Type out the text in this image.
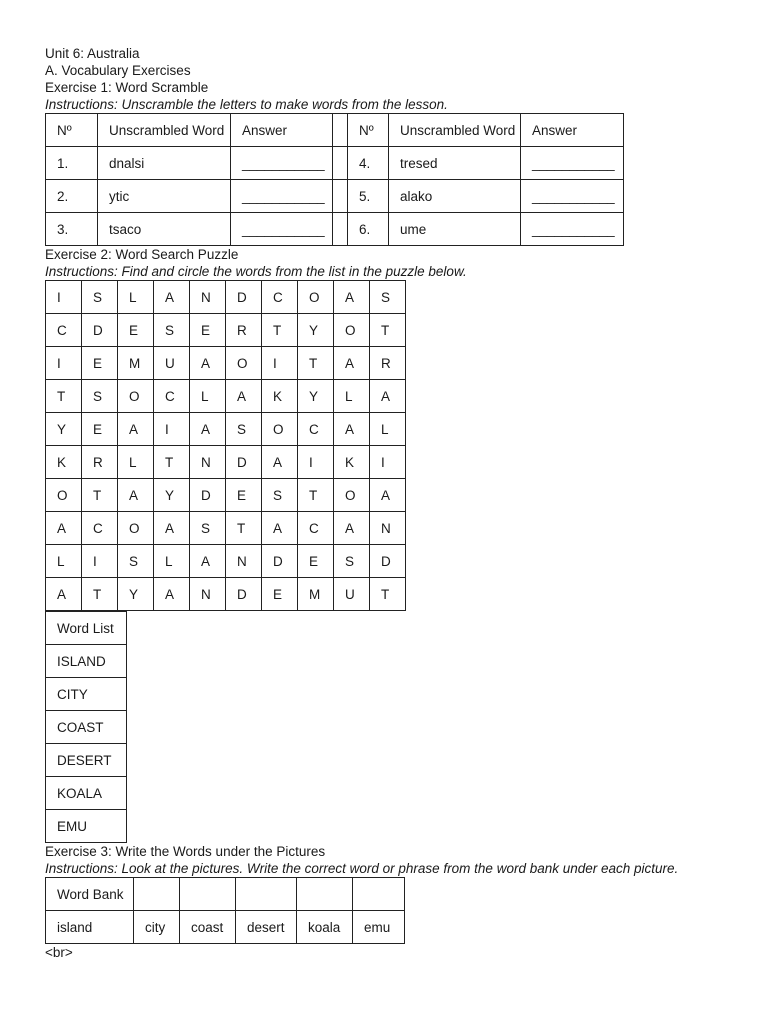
Unit 6: Australia
A. Vocabulary Exercises
Exercise 1: Word Scramble
Instructions: Unscramble the letters to make words from the lesson.
Nº	Unscrambled Word	Answer		Nº	Unscrambled Word	Answer
1.	dnalsi	___________		4.	tresed	___________
2.	ytic	___________		5.	alako	___________
3.	tsaco	___________		6.	ume	___________
Exercise 2: Word Search Puzzle
Instructions: Find and circle the words from the list in the puzzle below.
I	S	L	A	N	D	C	O	A	S
C	D	E	S	E	R	T	Y	O	T
I	E	M	U	A	O	I	T	A	R
T	S	O	C	L	A	K	Y	L	A
Y	E	A	I	A	S	O	C	A	L
K	R	L	T	N	D	A	I	K	I
O	T	A	Y	D	E	S	T	O	A
A	C	O	A	S	T	A	C	A	N
L	I	S	L	A	N	D	E	S	D
A	T	Y	A	N	D	E	M	U	T
Word List
ISLAND
CITY
COAST
DESERT
KOALA
EMU
Exercise 3: Write the Words under the Pictures
Instructions: Look at the pictures. Write the correct word or phrase from the word bank under each picture.
Word Bank					
island	city	coast	desert	koala	emu
<br>
